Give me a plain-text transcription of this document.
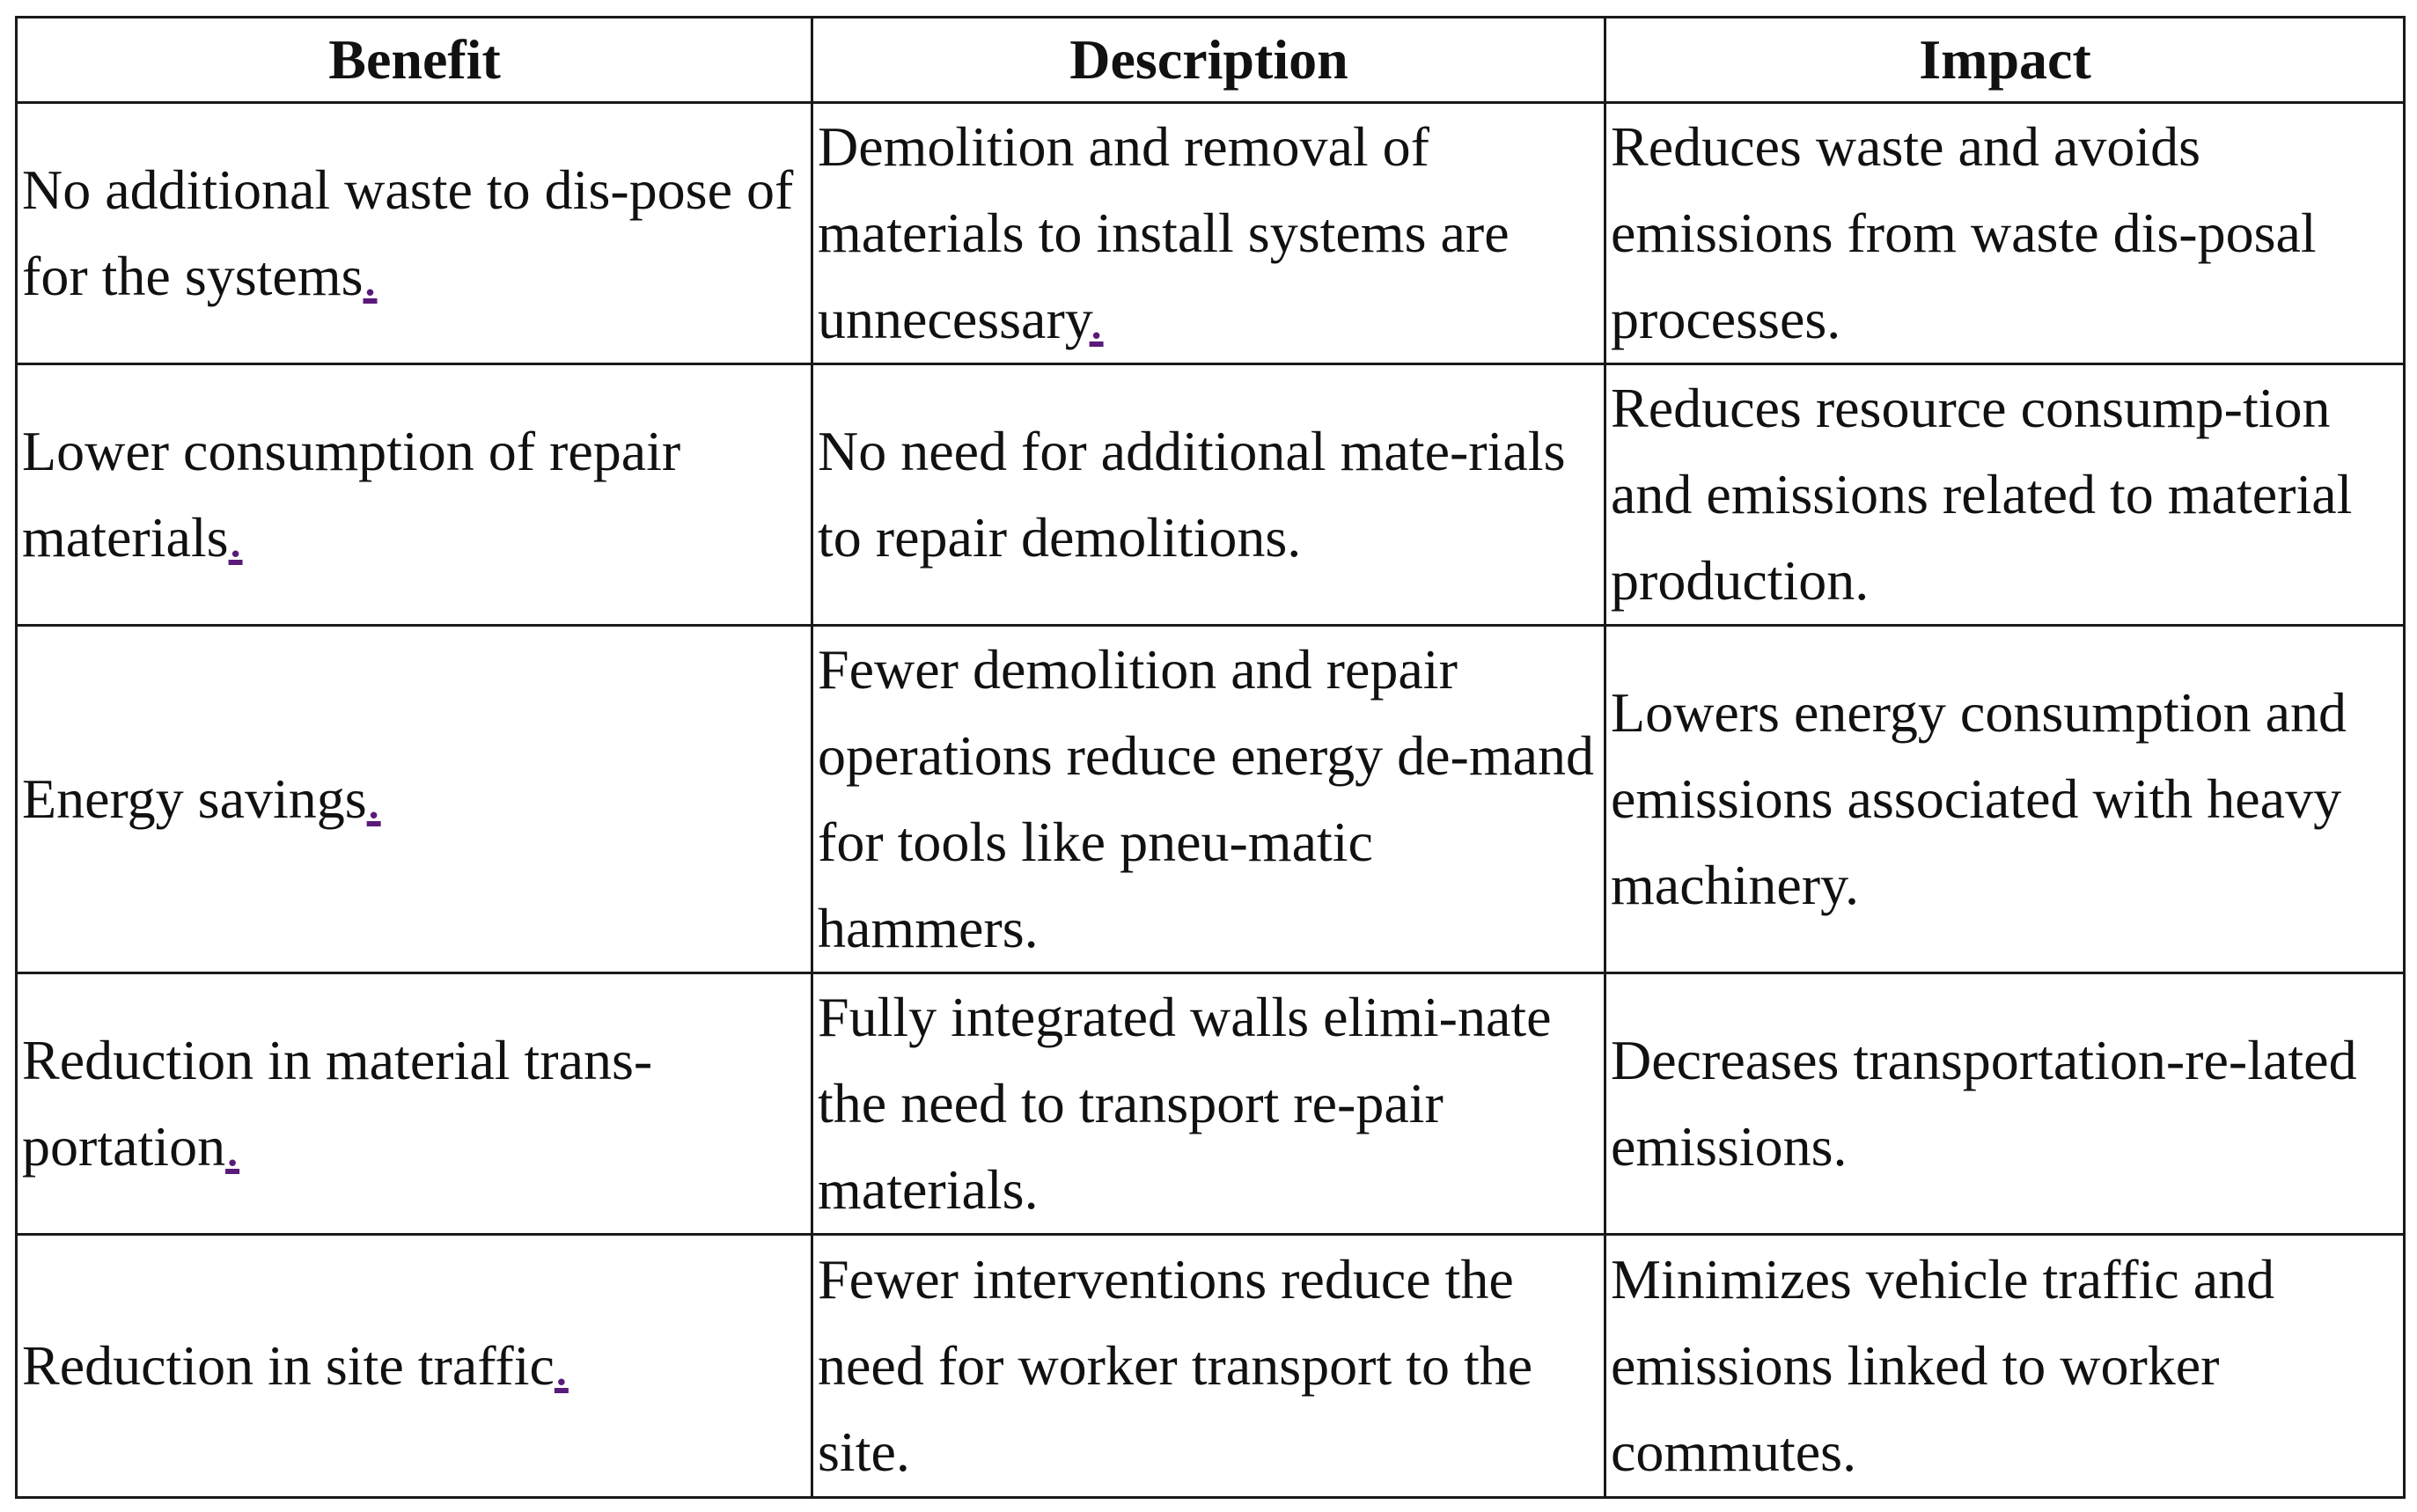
Benefit	Description	Impact
No additional waste to dis-pose of for the systems.	Demolition and removal of materials to install systems are unnecessary.	Reduces waste and avoids emissions from waste dis-posal processes.
Lower consumption of repair materials.	No need for additional mate-rials to repair demolitions.	Reduces resource consump-tion and emissions related to material production.
Energy savings.	Fewer demolition and repair operations reduce energy de-mand for tools like pneu-matic hammers.	Lowers energy consumption and emissions associated with heavy machinery.
Reduction in material trans-portation.	Fully integrated walls elimi-nate the need to transport re-pair materials.	Decreases transportation-re-lated emissions.
Reduction in site traffic.	Fewer interventions reduce the need for worker transport to the site.	Minimizes vehicle traffic and emissions linked to worker commutes.
